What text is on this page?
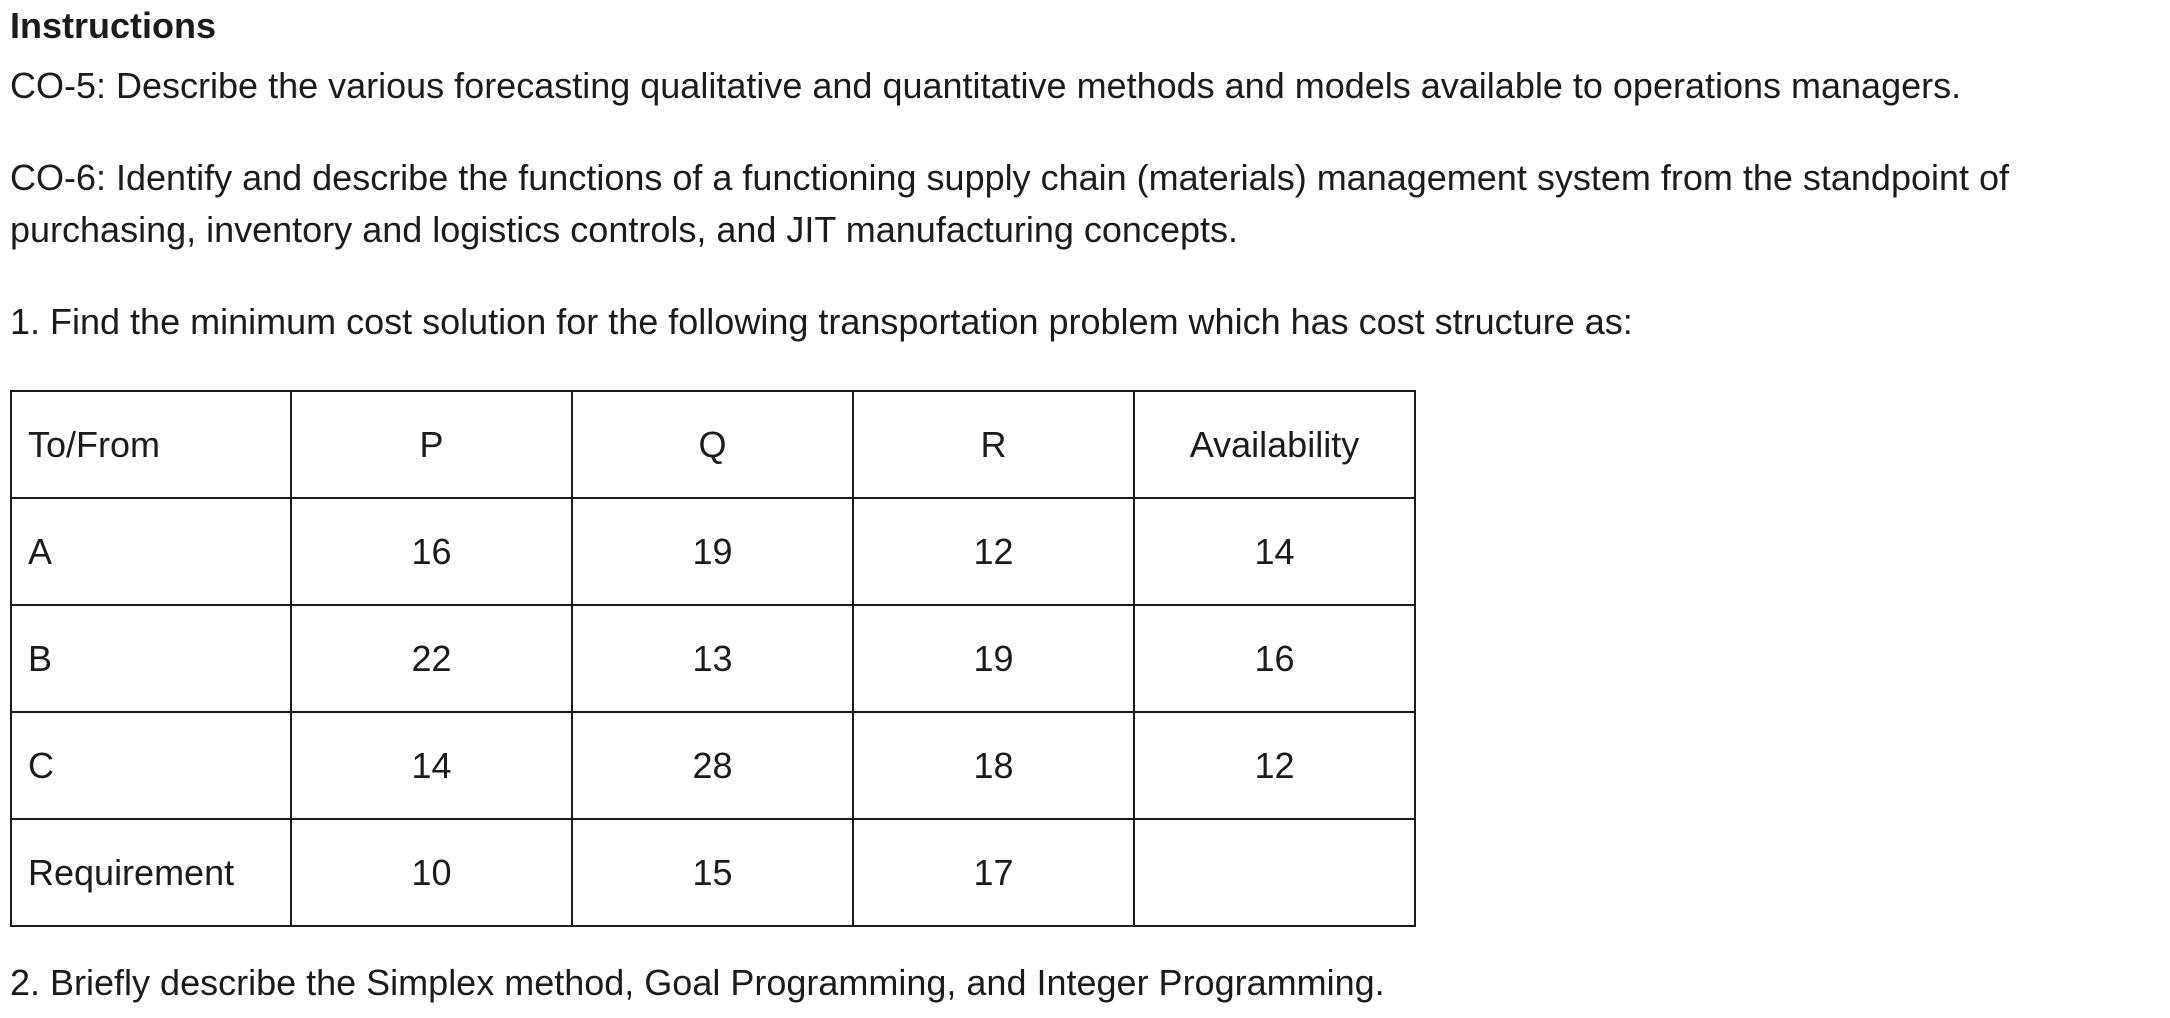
Instructions

CO-5: Describe the various forecasting qualitative and quantitative methods and models available to operations managers.

CO-6: Identify and describe the functions of a functioning supply chain (materials) management system from the standpoint of
purchasing, inventory and logistics controls, and JIT manufacturing concepts.

1. Find the minimum cost solution for the following transportation problem which has cost structure as:

To/From	P	Q	R	Availability
A	16	19	12	14
B	22	13	19	16
C	14	28	18	12
Requirement	10	15	17	

2. Briefly describe the Simplex method, Goal Programming, and Integer Programming.
